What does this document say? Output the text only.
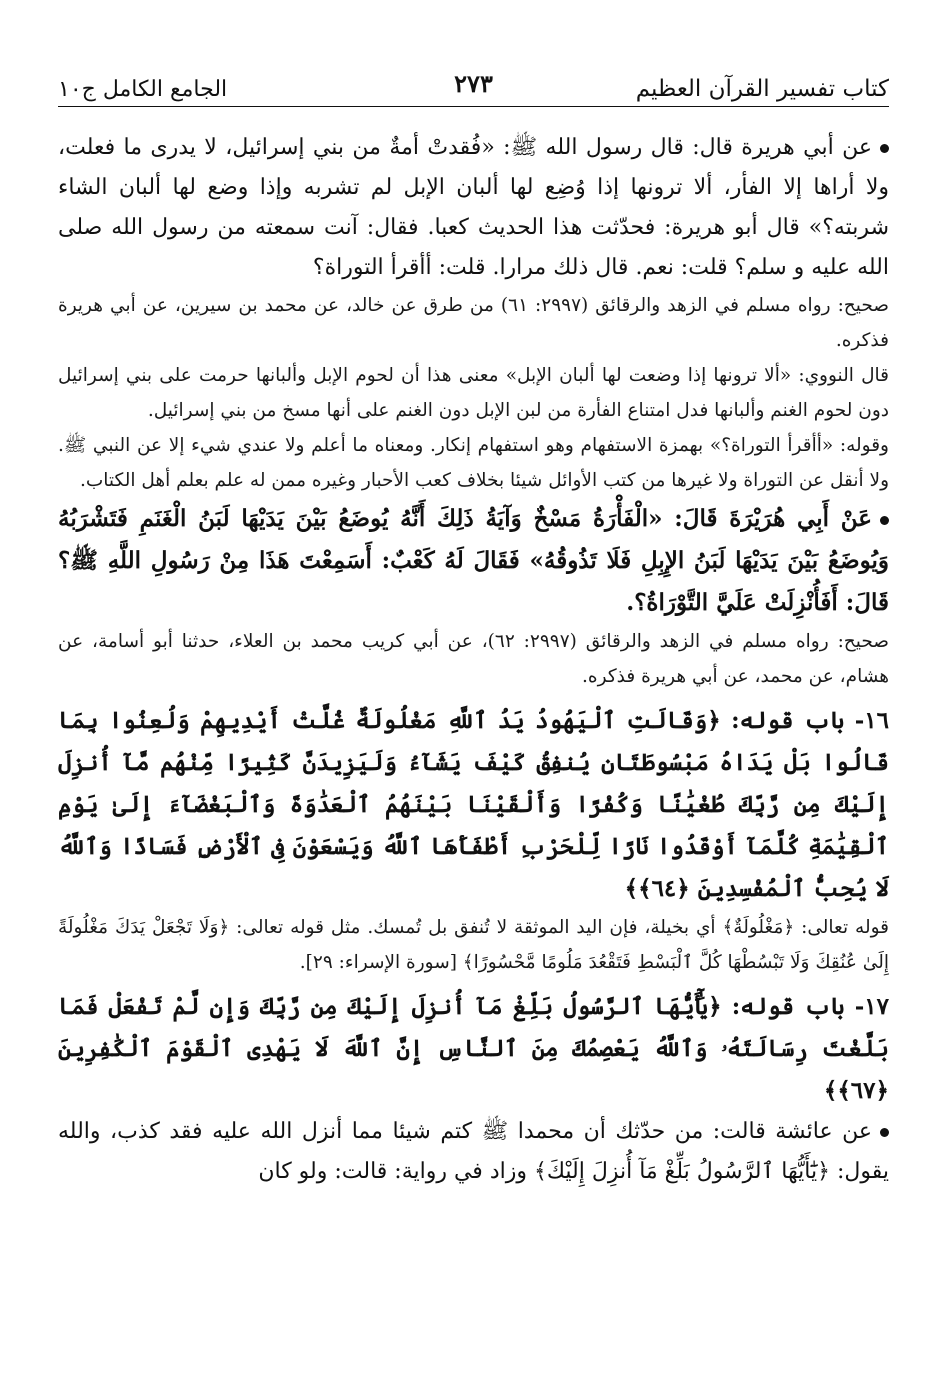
كتاب تفسير القرآن العظيم
٢٧٣
الجامع الكامل ج١٠

عن أبي هريرة قال: قال رسول الله ﷺ: «فُقدتْ أمةٌ من بني إسرائيل، لا يدرى ما فعلت، ولا أراها إلا الفأر، ألا ترونها إذا وُضِع لها ألبان الإبل لم تشربه وإذا وضع لها ألبان الشاء شربته؟» قال أبو هريرة: فحدّثت هذا الحديث كعبا. فقال: آنت سمعته من رسول الله صلى الله عليه و سلم؟ قلت: نعم. قال ذلك مرارا. قلت: أأقرأ التوراة؟

صحيح: رواه مسلم في الزهد والرقائق (٢٩٩٧: ٦١) من طرق عن خالد، عن محمد بن سيرين، عن أبي هريرة فذكره.

قال النووي: «ألا ترونها إذا وضعت لها ألبان الإبل» معنى هذا أن لحوم الإبل وألبانها حرمت على بني إسرائيل دون لحوم الغنم وألبانها فدل امتناع الفأرة من لبن الإبل دون الغنم على أنها مسخ من بني إسرائيل.

وقوله: «أأقرأ التوراة؟» بهمزة الاستفهام وهو استفهام إنكار. ومعناه ما أعلم ولا عندي شيء إلا عن النبي ﷺ. ولا أنقل عن التوراة ولا غيرها من كتب الأوائل شيئا بخلاف كعب الأحبار وغيره ممن له علم بعلم أهل الكتاب.

عَنْ أَبِي هُرَيْرَةَ قَالَ: «الْفَأْرَةُ مَسْخٌ وَآيَةُ ذَلِكَ أَنَّهُ يُوضَعُ بَيْنَ يَدَيْهَا لَبَنُ الْغَنَمِ فَتَشْرَبُهُ وَيُوضَعُ بَيْنَ يَدَيْهَا لَبَنُ الإِبِلِ فَلَا تَذُوقُهُ» فَقَالَ لَهُ كَعْبٌ: أَسَمِعْتَ هَذَا مِنْ رَسُولِ اللَّهِ ﷺ؟ قَالَ: أَفَأُنْزِلَتْ عَلَيَّ التَّوْرَاةُ؟.

صحيح: رواه مسلم في الزهد والرقائق (٢٩٩٧: ٦٢)، عن أبي كريب محمد بن العلاء، حدثنا أبو أسامة، عن هشام، عن محمد، عن أبي هريرة فذكره.

١٦- باب قوله: ﴿وَقَالَتِ ٱلْيَهُودُ يَدُ ٱللَّهِ مَغْلُولَةٌ غُلَّتْ أَيْدِيهِمْ وَلُعِنُوا بِمَا قَالُوا بَلْ يَدَاهُ مَبْسُوطَتَانِ يُنفِقُ كَيْفَ يَشَآءُ وَلَيَزِيدَنَّ كَثِيرًا مِّنْهُم مَّآ أُنزِلَ إِلَيْكَ مِن رَّبِّكَ طُغْيَٰنًا وَكُفْرًا وَأَلْقَيْنَا بَيْنَهُمُ ٱلْعَدَٰوَةَ وَٱلْبَغْضَآءَ إِلَىٰ يَوْمِ ٱلْقِيَٰمَةِ كُلَّمَآ أَوْقَدُوا نَارًا لِّلْحَرْبِ أَطْفَأَهَا ٱللَّهُ وَيَسْعَوْنَ فِى ٱلْأَرْضِ فَسَادًا وَٱللَّهُ لَا يُحِبُّ ٱلْمُفْسِدِينَ ﴿٦٤﴾﴾

قوله تعالى: ﴿مَغْلُولَةٌ﴾ أي بخيلة، فإن اليد الموثقة لا تُنفق بل تُمسك. مثل قوله تعالى: ﴿وَلَا تَجْعَلْ يَدَكَ مَغْلُولَةً إِلَىٰ عُنُقِكَ وَلَا تَبْسُطْهَا كُلَّ ٱلْبَسْطِ فَتَقْعُدَ مَلُومًا مَّحْسُورًا﴾ [سورة الإسراء: ٢٩].

١٧- باب قوله: ﴿يَٰٓأَيُّهَا ٱلرَّسُولُ بَلِّغْ مَآ أُنزِلَ إِلَيْكَ مِن رَّبِّكَ وَإِن لَّمْ تَفْعَلْ فَمَا بَلَّغْتَ رِسَالَتَهُۥ وَٱللَّهُ يَعْصِمُكَ مِنَ ٱلنَّاسِ إِنَّ ٱللَّهَ لَا يَهْدِى ٱلْقَوْمَ ٱلْكَٰفِرِينَ ﴿٦٧﴾﴾

عن عائشة قالت: من حدّثك أن محمدا ﷺ كتم شيئا مما أنزل الله عليه فقد كذب، والله يقول: ﴿يَٰٓأَيُّهَا ٱلرَّسُولُ بَلِّغْ مَآ أُنزِلَ إِلَيْكَ﴾ وزاد في رواية: قالت: ولو كان
